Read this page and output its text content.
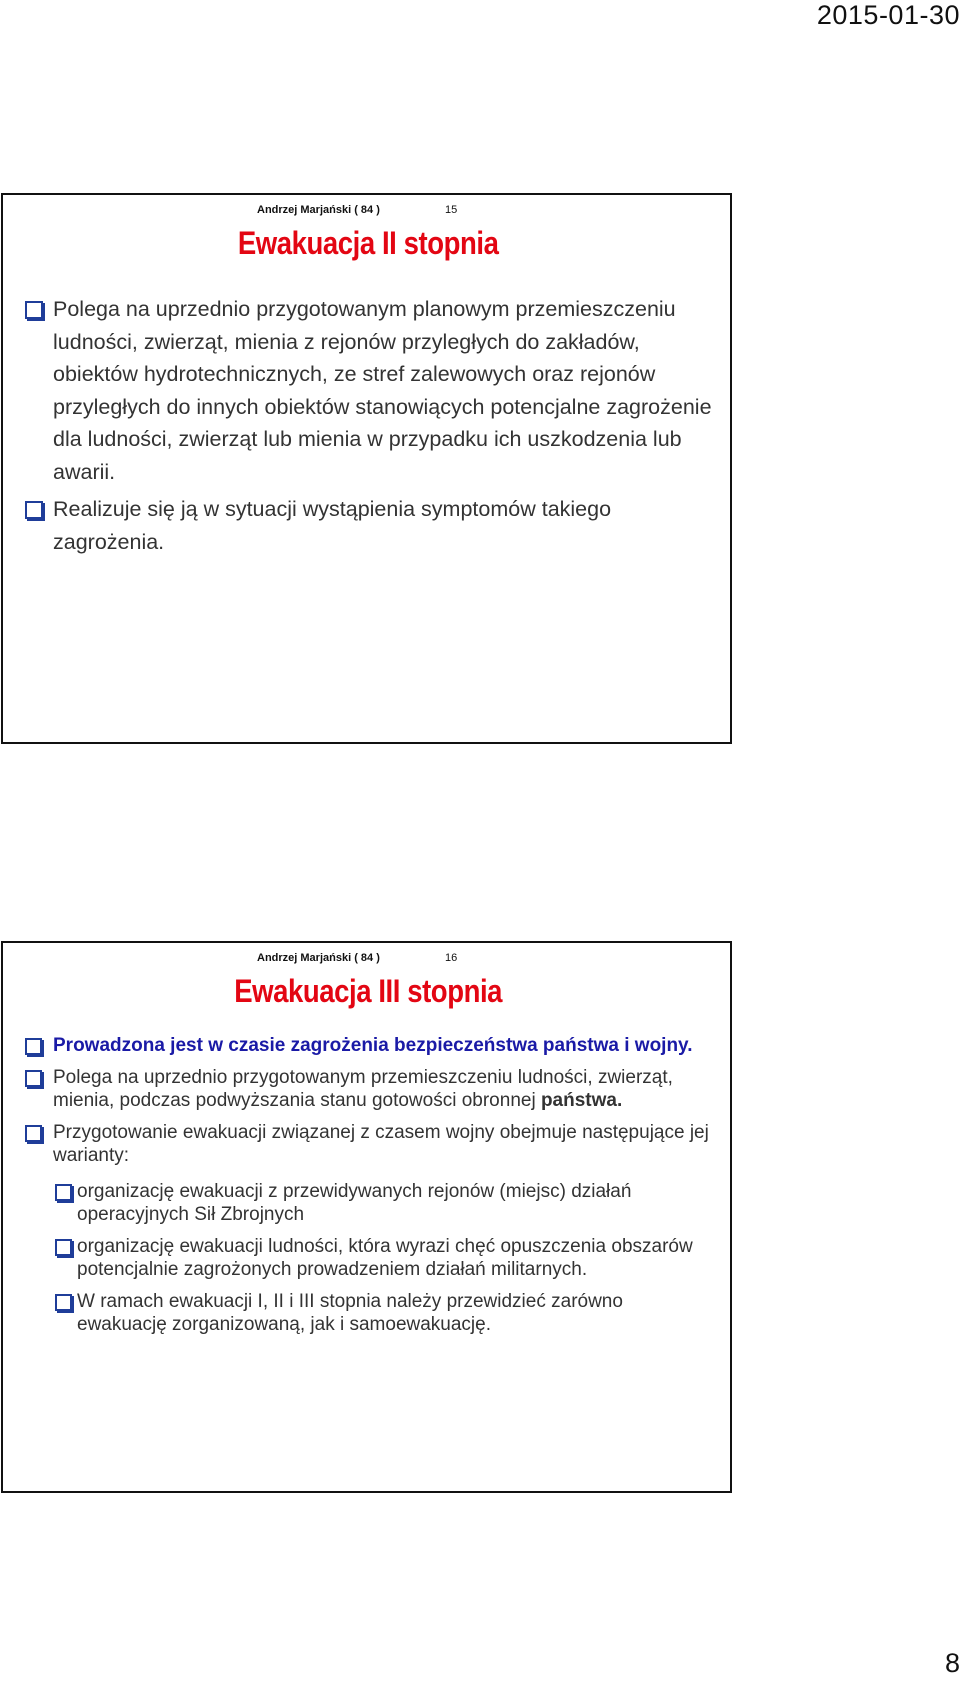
2015-01-30
Andrzej Marjański ( 84 )	15
Ewakuacja II stopnia
Polega na uprzednio przygotowanym planowym przemieszczeniu ludności, zwierząt, mienia z rejonów przyległych do zakładów, obiektów hydrotechnicznych, ze stref zalewowych oraz rejonów przyległych do innych obiektów stanowiących potencjalne zagrożenie dla ludności, zwierząt lub mienia w przypadku ich uszkodzenia lub awarii.
Realizuje się ją w sytuacji wystąpienia symptomów takiego zagrożenia.
Andrzej Marjański ( 84 )	16
Ewakuacja III stopnia
Prowadzona jest w czasie zagrożenia bezpieczeństwa państwa i wojny.
Polega na uprzednio przygotowanym przemieszczeniu ludności, zwierząt, mienia, podczas podwyższania stanu gotowości obronnej państwa.
Przygotowanie ewakuacji związanej z czasem wojny obejmuje następujące jej warianty:
organizację ewakuacji z przewidywanych rejonów (miejsc) działań operacyjnych Sił Zbrojnych
organizację ewakuacji ludności, która wyrazi chęć opuszczenia obszarów potencjalnie zagrożonych prowadzeniem działań militarnych.
W ramach ewakuacji I, II i III stopnia należy przewidzieć zarówno ewakuację zorganizowaną, jak i samoewakuację.
8
